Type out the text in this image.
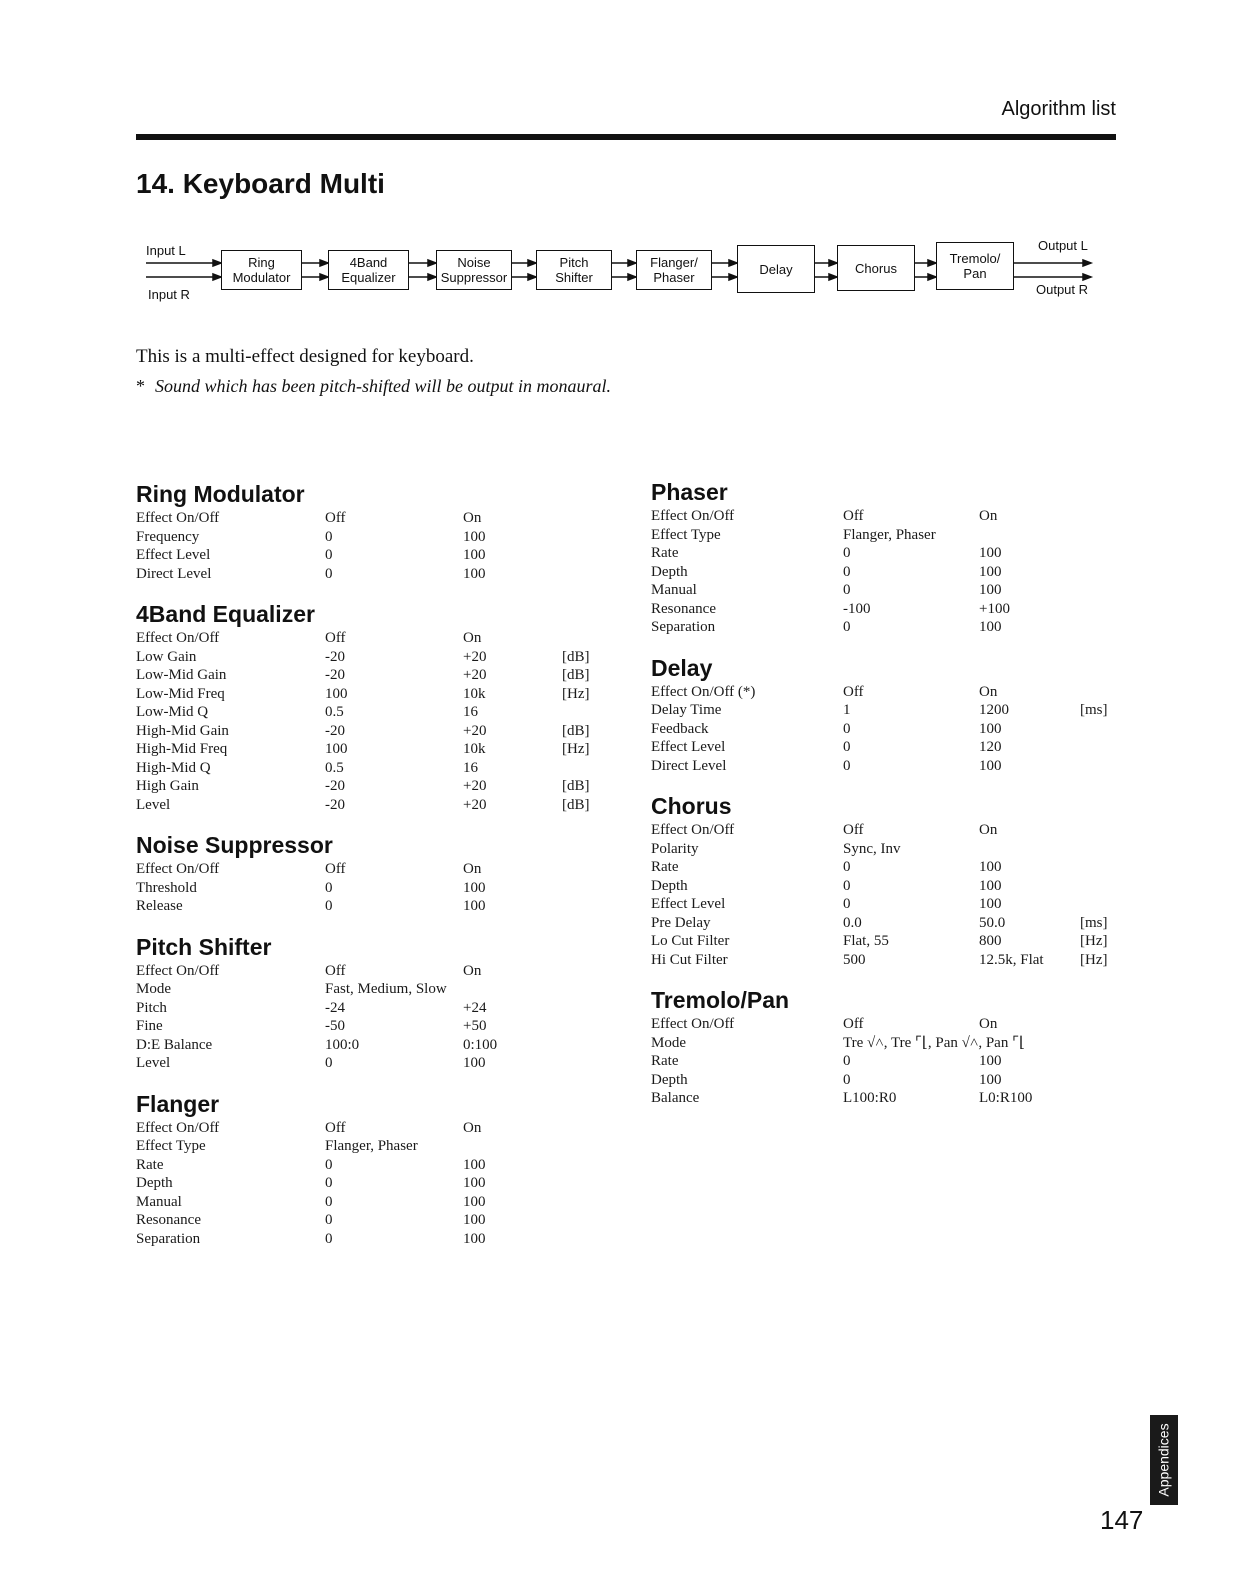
Algorithm list
14. Keyboard Multi
Input L
Input R
Output L
Output R
Ring
Modulator
4Band
Equalizer
Noise
Suppressor
Pitch
Shifter
Flanger/
Phaser
Delay	Chorus
Tremolo/
Pan
This is a multi-effect designed for keyboard.
* Sound which has been pitch-shifted will be output in monaural.
Ring Modulator
Effect On/Off	Off	On
Frequency	0	100
Effect Level	0	100
Direct Level	0	100
4Band Equalizer
Effect On/Off	Off	On
Low Gain	-20	+20	[dB]
Low-Mid Gain	-20	+20	[dB]
Low-Mid Freq	100	10k	[Hz]
Low-Mid Q	0.5	16
High-Mid Gain	-20	+20	[dB]
High-Mid Freq	100	10k	[Hz]
High-Mid Q	0.5	16
High Gain	-20	+20	[dB]
Level	-20	+20	[dB]
Noise Suppressor
Effect On/Off	Off	On
Threshold	0	100
Release	0	100
Pitch Shifter
Effect On/Off	Off	On
Mode	Fast, Medium, Slow
Pitch	-24	+24
Fine	-50	+50
D:E Balance	100:0	0:100
Level	0	100
Flanger
Effect On/Off	Off	On
Effect Type	Flanger, Phaser
Rate	0	100
Depth	0	100
Manual	0	100
Resonance	0	100
Separation	0	100
Phaser
Effect On/Off	Off	On
Effect Type	Flanger, Phaser
Rate	0	100
Depth	0	100
Manual	0	100
Resonance	-100	+100
Separation	0	100
Delay
Effect On/Off (*)	Off	On
Delay Time	1	1200	[ms]
Feedback	0	100
Effect Level	0	120
Direct Level	0	100
Chorus
Effect On/Off	Off	On
Polarity	Sync, Inv
Rate	0	100
Depth	0	100
Effect Level	0	100
Pre Delay	0.0	50.0	[ms]
Lo Cut Filter	Flat, 55	800	[Hz]
Hi Cut Filter	500	12.5k, Flat	[Hz]
Tremolo/Pan
Effect On/Off	Off	On
Mode	Tre √˄, Tre ⌜⌊, Pan √˄, Pan ⌜⌊
Rate	0	100
Depth	0	100
Balance	L100:R0	L0:R100
Appendices
147
